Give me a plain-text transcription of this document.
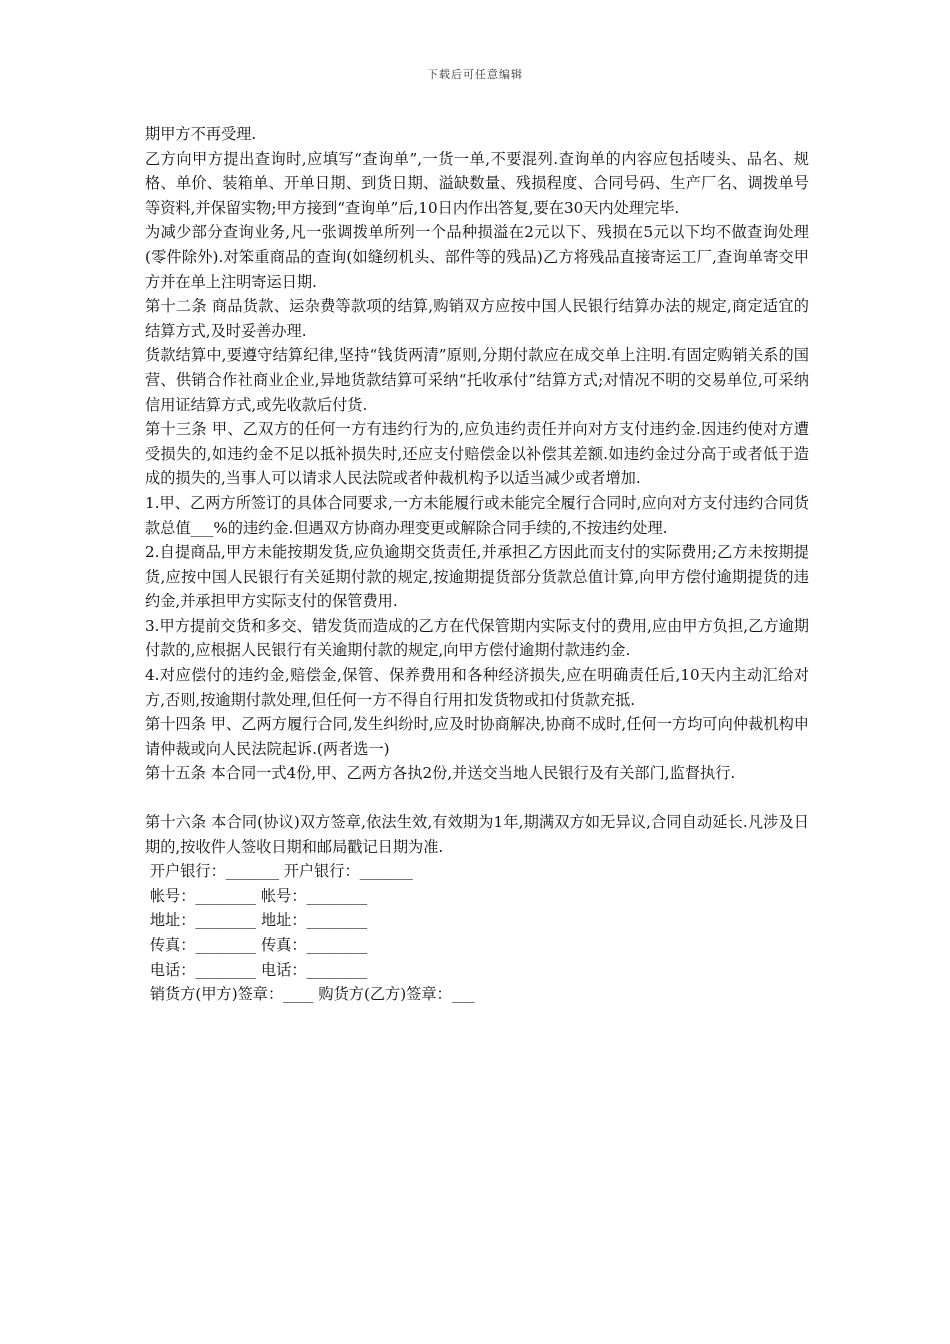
下载后可任意编辑

期甲方不再受理.

乙方向甲方提出查询时,应填写“查询单”,一货一单,不要混列.查询单的内容应包括唛头、品名、规格、单价、装箱单、开单日期、到货日期、溢缺数量、残损程度、合同号码、生产厂名、调拨单号等资料,并保留实物;甲方接到“查询单”后,10日内作出答复,要在30天内处理完毕.

为减少部分查询业务,凡一张调拨单所列一个品种损溢在2元以下、残损在5元以下均不做查询处理(零件除外).对笨重商品的查询(如缝纫机头、部件等的残品)乙方将残品直接寄运工厂,查询单寄交甲方并在单上注明寄运日期.

第十二条 商品货款、运杂费等款项的结算,购销双方应按中国人民银行结算办法的规定,商定适宜的结算方式,及时妥善办理.

货款结算中,要遵守结算纪律,坚持“钱货两清”原则,分期付款应在成交单上注明.有固定购销关系的国营、供销合作社商业企业,异地货款结算可采纳“托收承付”结算方式;对情况不明的交易单位,可采纳信用证结算方式,或先收款后付货.

第十三条 甲、乙双方的任何一方有违约行为的,应负违约责任并向对方支付违约金.因违约使对方遭受损失的,如违约金不足以抵补损失时,还应支付赔偿金以补偿其差额.如违约金过分高于或者低于造成的损失的,当事人可以请求人民法院或者仲裁机构予以适当减少或者增加.

1.甲、乙两方所签订的具体合同要求,一方未能履行或未能完全履行合同时,应向对方支付违约合同货款总值___%的违约金.但遇双方协商办理变更或解除合同手续的,不按违约处理.

2.自提商品,甲方未能按期发货,应负逾期交货责任,并承担乙方因此而支付的实际费用;乙方未按期提货,应按中国人民银行有关延期付款的规定,按逾期提货部分货款总值计算,向甲方偿付逾期提货的违约金,并承担甲方实际支付的保管费用.

3.甲方提前交货和多交、错发货而造成的乙方在代保管期内实际支付的费用,应由甲方负担,乙方逾期付款的,应根据人民银行有关逾期付款的规定,向甲方偿付逾期付款违约金.

4.对应偿付的违约金,赔偿金,保管、保养费用和各种经济损失,应在明确责任后,10天内主动汇给对方,否则,按逾期付款处理,但任何一方不得自行用扣发货物或扣付货款充抵.

第十四条 甲、乙两方履行合同,发生纠纷时,应及时协商解决,协商不成时,任何一方均可向仲裁机构申请仲裁或向人民法院起诉.(两者选一)

第十五条 本合同一式4份,甲、乙两方各执2份,并送交当地人民银行及有关部门,监督执行.

第十六条 本合同(协议)双方签章,依法生效,有效期为1年,期满双方如无异议,合同自动延长.凡涉及日期的,按收件人签收日期和邮局戳记日期为准.

开户银行：_______ 开户银行：_______

帐号：________ 帐号：________

地址：________ 地址：________

传真：________ 传真：________

电话：________ 电话：________

销货方(甲方)签章：____ 购货方(乙方)签章：___
